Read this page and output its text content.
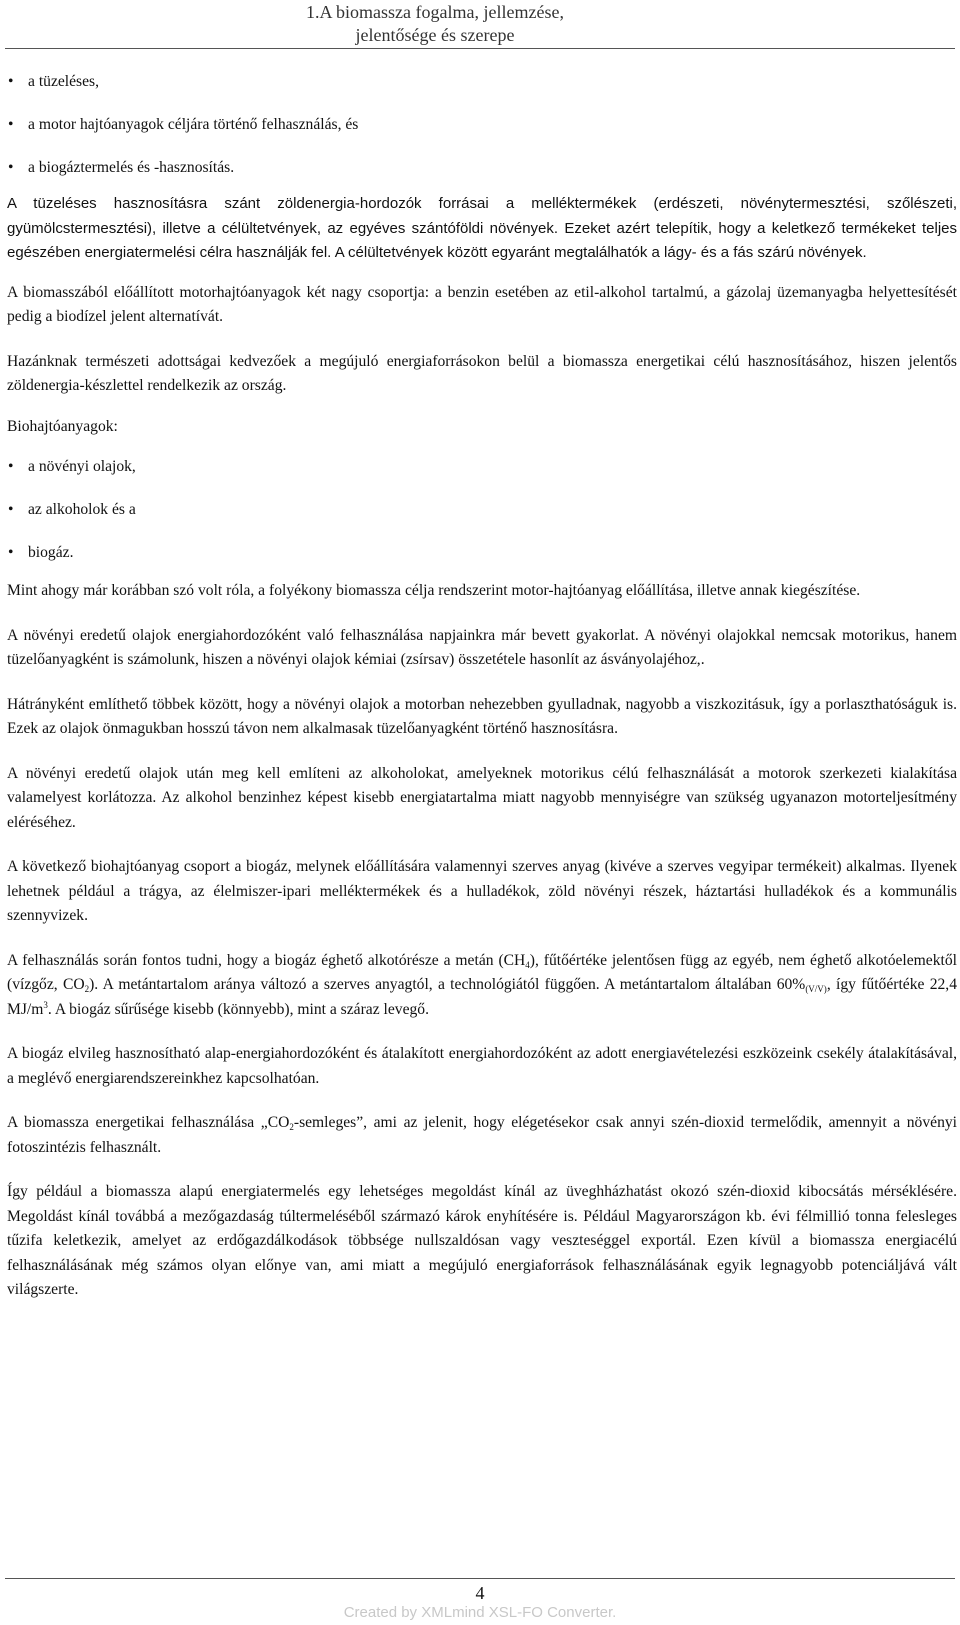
1.A biomassza fogalma, jellemzése,
jelentősége és szerepe
• a tüzeléses,
• a motor hajtóanyagok céljára történő felhasználás, és
• a biogáztermelés és -hasznosítás.

A tüzeléses hasznosításra szánt zöldenergia-hordozók forrásai a melléktermékek (erdészeti, növénytermesztési, szőlészeti, gyümölcstermesztési), illetve a célültetvények, az egyéves szántóföldi növények. Ezeket azért telepítik, hogy a keletkező termékeket teljes egészében energiatermelési célra használják fel. A célültetvények között egyaránt megtalálhatók a lágy- és a fás szárú növények.

A biomasszából előállított motorhajtóanyagok két nagy csoportja: a benzin esetében az etil-alkohol tartalmú, a gázolaj üzemanyagba helyettesítését pedig a biodízel jelent alternatívát.

Hazánknak természeti adottságai kedvezőek a megújuló energiaforrásokon belül a biomassza energetikai célú hasznosításához, hiszen jelentős zöldenergia-készlettel rendelkezik az ország.

Biohajtóanyagok:

• a növényi olajok,
• az alkoholok és a
• biogáz.

Mint ahogy már korábban szó volt róla, a folyékony biomassza célja rendszerint motor-hajtóanyag előállítása, illetve annak kiegészítése.

A növényi eredetű olajok energiahordozóként való felhasználása napjainkra már bevett gyakorlat. A növényi olajokkal nemcsak motorikus, hanem tüzelőanyagként is számolunk, hiszen a növényi olajok kémiai (zsírsav) összetétele hasonlít az ásványolajéhoz,.

Hátrányként említhető többek között, hogy a növényi olajok a motorban nehezebben gyulladnak, nagyobb a viszkozitásuk, így a porlaszthatóságuk is. Ezek az olajok önmagukban hosszú távon nem alkalmasak tüzelőanyagként történő hasznosításra.

A növényi eredetű olajok után meg kell említeni az alkoholokat, amelyeknek motorikus célú felhasználását a motorok szerkezeti kialakítása valamelyest korlátozza. Az alkohol benzinhez képest kisebb energiatartalma miatt nagyobb mennyiségre van szükség ugyanazon motorteljesítmény eléréséhez.

A következő biohajtóanyag csoport a biogáz, melynek előállítására valamennyi szerves anyag (kivéve a szerves vegyipar termékeit) alkalmas. Ilyenek lehetnek például a trágya, az élelmiszer-ipari melléktermékek és a hulladékok, zöld növényi részek, háztartási hulladékok és a kommunális szennyvizek.

A felhasználás során fontos tudni, hogy a biogáz éghető alkotórésze a metán $(CH_4)$, fűtőértéke jelentősen függ az egyéb, nem éghető alkotóelemektől (vízgőz, $CO_2$). A metántartalom aránya változó a szerves anyagtól, a technológiától függően. A metántartalom általában $60\%_{(V/V)}$, így fűtőértéke 22,4 $MJ/m^3$. A biogáz sűrűsége kisebb (könnyebb), mint a száraz levegő.

A biogáz elvileg hasznosítható alap-energiahordozóként és átalakított energiahordozóként az adott energiavételezési eszközeink csekély átalakításával, a meglévő energiarendszereinkhez kapcsolhatóan.

A biomassza energetikai felhasználása $„CO_2$-semleges”, ami az jelenit, hogy elégetésekor csak annyi szén-dioxid termelődik, amennyit a növényi fotoszintézis felhasznált.

Így például a biomassza alapú energiatermelés egy lehetséges megoldást kínál az üveghházhatást okozó szén-dioxid kibocsátás mérséklésére. Megoldást kínál továbbá a mezőgazdaság túltermeléséből származó károk enyhítésére is. Például Magyarországon kb. évi félmillió tonna felesleges tűzifa keletkezik, amelyet az erdőgazdálkodások többsége nullszaldósan vagy veszteséggel exportál. Ezen kívül a biomassza energiacélú felhasználásának még számos olyan előnye van, ami miatt a megújuló energiaforrások felhasználásának egyik legnagyobb potenciáljává vált világszerte.

4
Created by XMLmind XSL-FO Converter.
